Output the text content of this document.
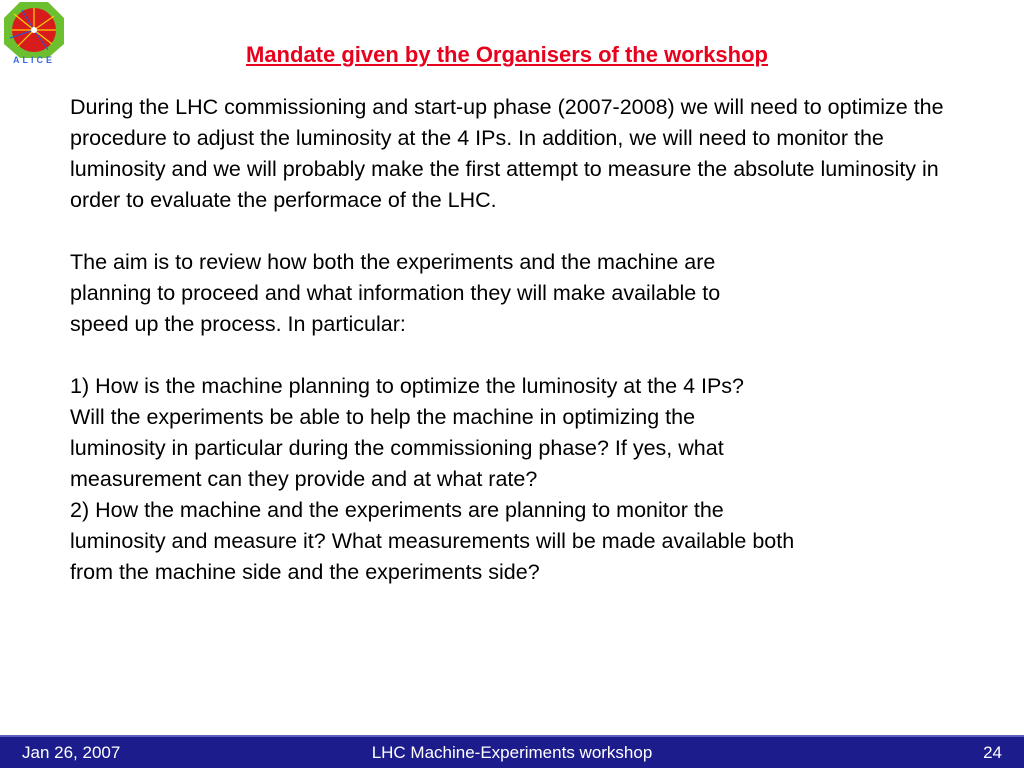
ALICE	Mandate given by the Organisers of the workshop

During the LHC commissioning and start-up phase (2007-2008) we will need to optimize the procedure to adjust the luminosity at the 4 IPs. In addition, we will need to monitor the luminosity and we will probably make the first attempt to measure the absolute luminosity in order to evaluate the performace of the LHC.

The aim is to review how both the experiments and the machine are

planning to proceed and what information they will make available to

speed up the process. In particular:

1) How is the machine planning to optimize the luminosity at the 4 IPs?

Will the experiments be able to help the machine in optimizing the

luminosity in particular during the commissioning phase? If yes, what

measurement can they provide and at what rate?

2) How the machine and the experiments are planning to monitor the

luminosity and measure it? What measurements will be made available both

from the machine side and the experiments side?

Jan 26, 2007	LHC Machine-Experiments workshop	24
